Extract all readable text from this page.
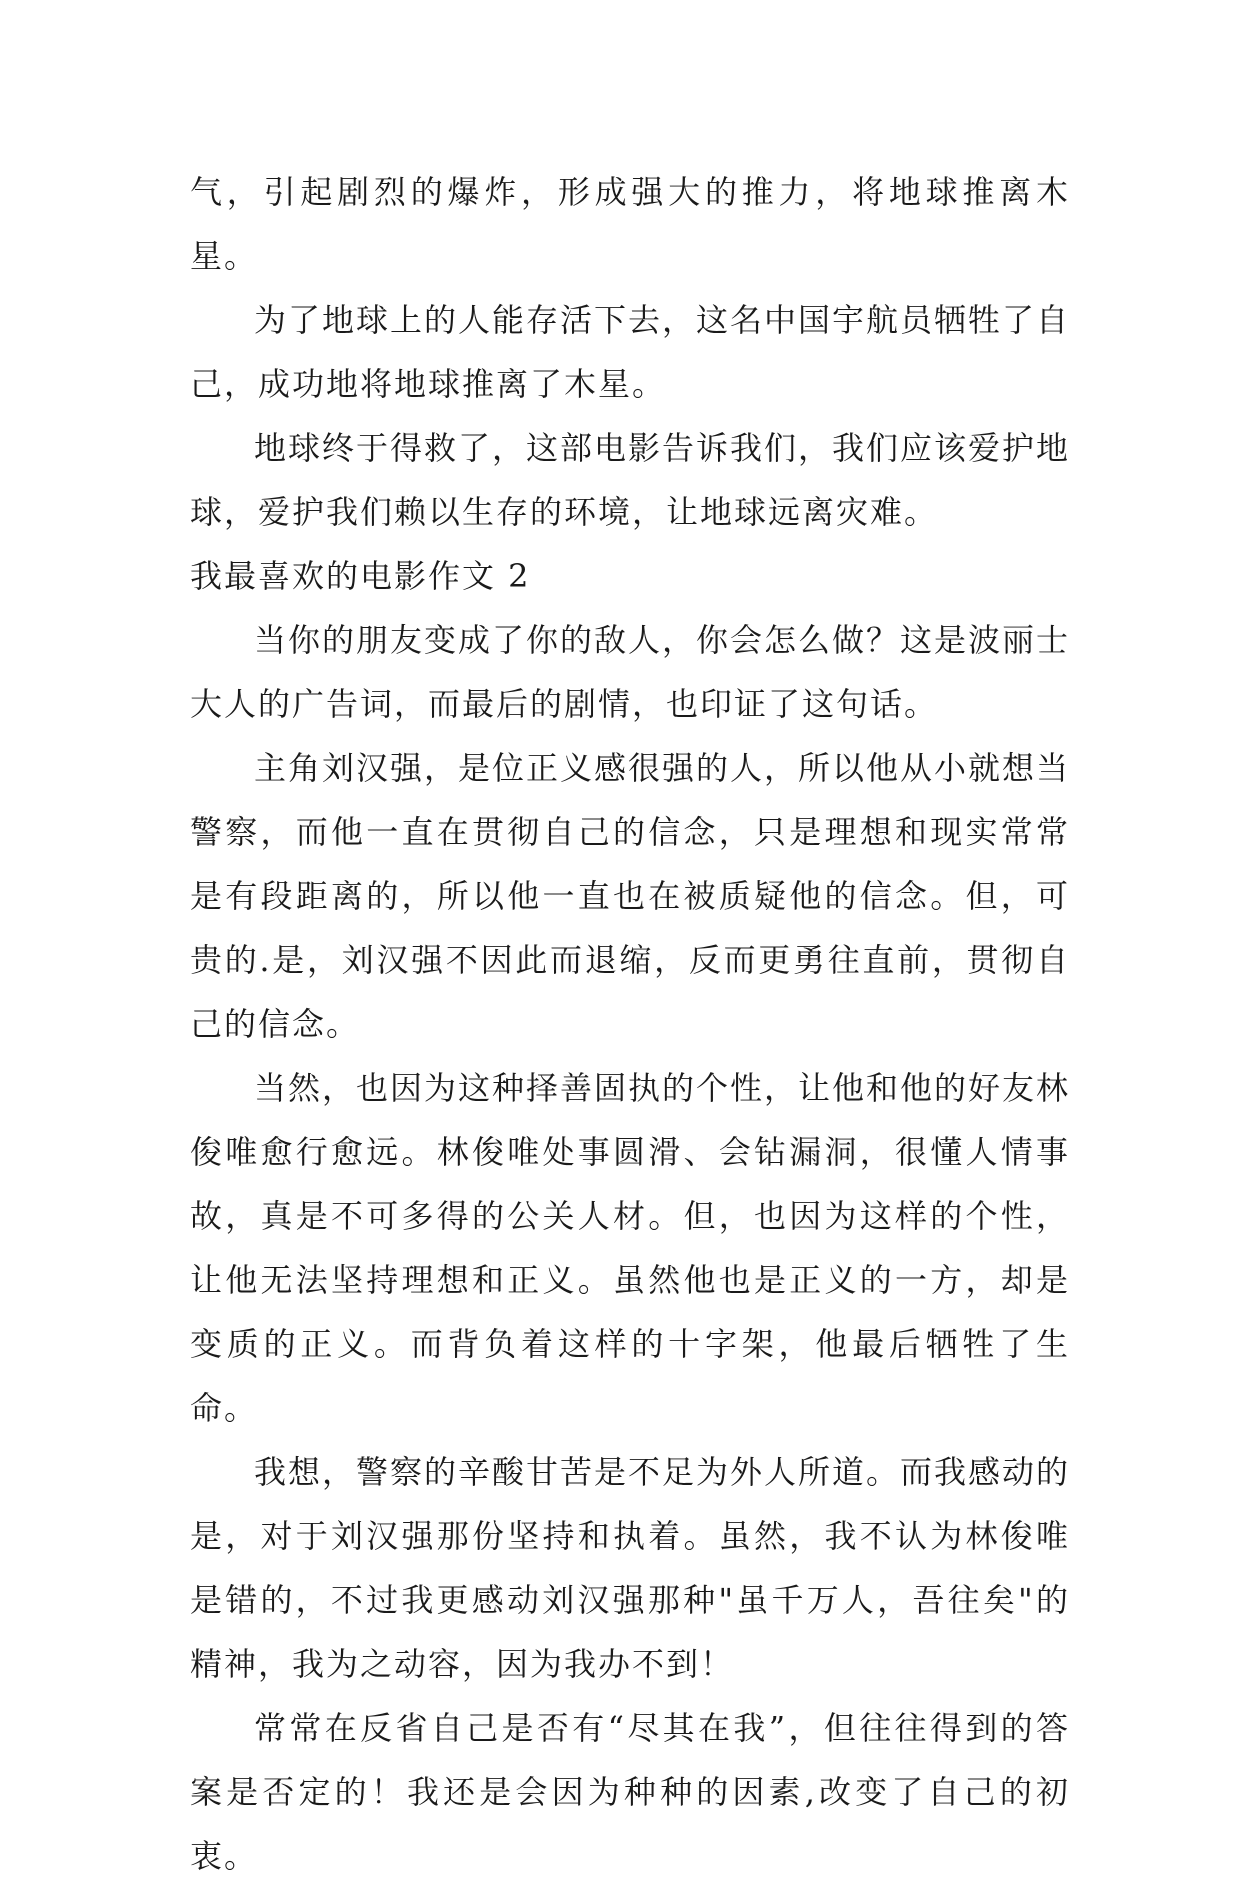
气，引起剧烈的爆炸，形成强大的推力，将地球推离木星。

为了地球上的人能存活下去，这名中国宇航员牺牲了自己，成功地将地球推离了木星。

地球终于得救了，这部电影告诉我们，我们应该爱护地球，爱护我们赖以生存的环境，让地球远离灾难。

我最喜欢的电影作文 2

当你的朋友变成了你的敌人，你会怎么做？这是波丽士大人的广告词，而最后的剧情，也印证了这句话。

主角刘汉强，是位正义感很强的人，所以他从小就想当警察，而他一直在贯彻自己的信念，只是理想和现实常常是有段距离的，所以他一直也在被质疑他的信念。但，可贵的.是，刘汉强不因此而退缩，反而更勇往直前，贯彻自己的信念。

当然，也因为这种择善固执的个性，让他和他的好友林俊唯愈行愈远。林俊唯处事圆滑、会钻漏洞，很懂人情事故，真是不可多得的公关人材。但，也因为这样的个性，让他无法坚持理想和正义。虽然他也是正义的一方，却是变质的正义。而背负着这样的十字架，他最后牺牲了生命。

我想，警察的辛酸甘苦是不足为外人所道。而我感动的是，对于刘汉强那份坚持和执着。虽然，我不认为林俊唯是错的，不过我更感动刘汉强那种"虽千万人，吾往矣"的精神，我为之动容，因为我办不到！

常常在反省自己是否有“尽其在我”，但往往得到的答案是否定的！我还是会因为种种的因素,改变了自己的初衷。
